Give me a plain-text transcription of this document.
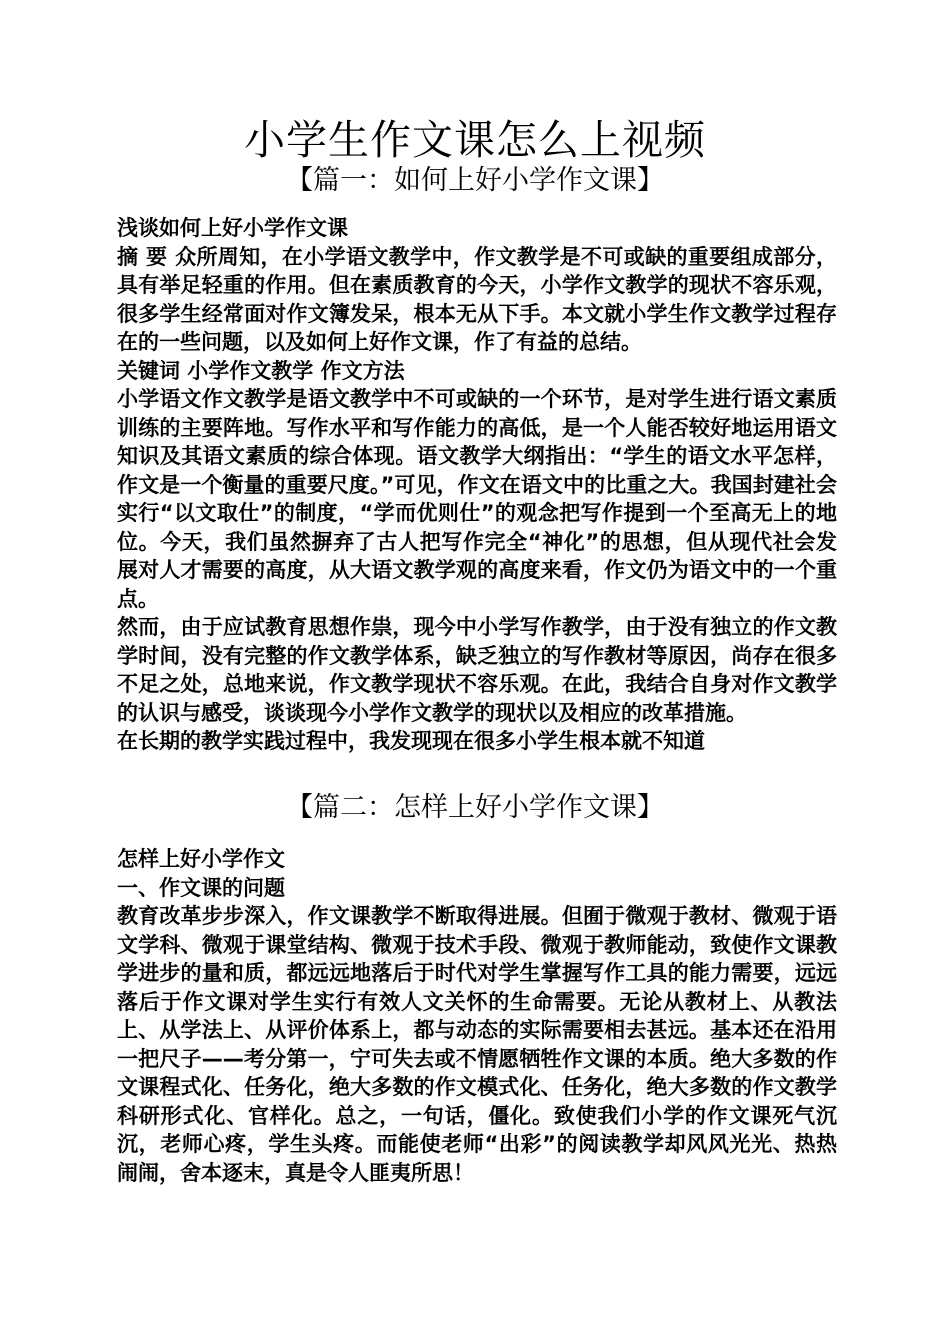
小学生作文课怎么上视频
【篇一：如何上好小学作文课】

浅谈如何上好小学作文课

摘 要 众所周知，在小学语文教学中，作文教学是不可或缺的重要组成部分，具有举足轻重的作用。但在素质教育的今天，小学作文教学的现状不容乐观，很多学生经常面对作文簿发呆，根本无从下手。本文就小学生作文教学过程存在的一些问题，以及如何上好作文课，作了有益的总结。

关键词 小学作文教学 作文方法

小学语文作文教学是语文教学中不可或缺的一个环节，是对学生进行语文素质训练的主要阵地。写作水平和写作能力的高低，是一个人能否较好地运用语文知识及其语文素质的综合体现。语文教学大纲指出：“学生的语文水平怎样，作文是一个衡量的重要尺度。”可见，作文在语文中的比重之大。我国封建社会实行“以文取仕”的制度，“学而优则仕”的观念把写作提到一个至高无上的地位。今天，我们虽然摒弃了古人把写作完全“神化”的思想，但从现代社会发展对人才需要的高度，从大语文教学观的高度来看，作文仍为语文中的一个重点。

然而，由于应试教育思想作祟，现今中小学写作教学，由于没有独立的作文教学时间，没有完整的作文教学体系，缺乏独立的写作教材等原因，尚存在很多不足之处，总地来说，作文教学现状不容乐观。在此，我结合自身对作文教学的认识与感受，谈谈现今小学作文教学的现状以及相应的改革措施。

在长期的教学实践过程中，我发现现在很多小学生根本就不知道

【篇二：怎样上好小学作文课】

怎样上好小学作文

一、作文课的问题

教育改革步步深入，作文课教学不断取得进展。但囿于微观于教材、微观于语文学科、微观于课堂结构、微观于技术手段、微观于教师能动，致使作文课教学进步的量和质，都远远地落后于时代对学生掌握写作工具的能力需要，远远落后于作文课对学生实行有效人文关怀的生命需要。无论从教材上、从教法上、从学法上、从评价体系上，都与动态的实际需要相去甚远。基本还在沿用一把尺子——考分第一，宁可失去或不情愿牺牲作文课的本质。绝大多数的作文课程式化、任务化，绝大多数的作文模式化、任务化，绝大多数的作文教学科研形式化、官样化。总之，一句话，僵化。致使我们小学的作文课死气沉沉，老师心疼，学生头疼。而能使老师“出彩”的阅读教学却风风光光、热热闹闹，舍本逐末，真是令人匪夷所思！
